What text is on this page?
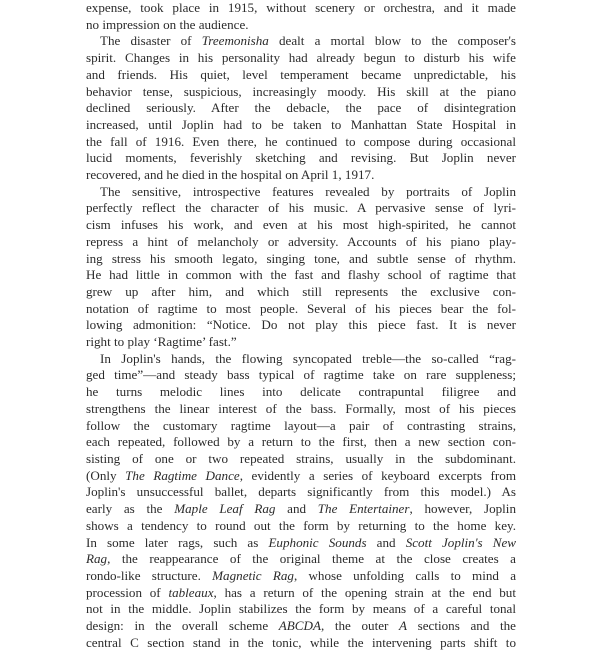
expense, took place in 1915, without scenery or orchestra, and it made
no impression on the audience.

The disaster of Treemonisha dealt a mortal blow to the composer's
spirit. Changes in his personality had already begun to disturb his wife
and friends. His quiet, level temperament became unpredictable, his
behavior tense, suspicious, increasingly moody. His skill at the piano
declined seriously. After the debacle, the pace of disintegration
increased, until Joplin had to be taken to Manhattan State Hospital in
the fall of 1916. Even there, he continued to compose during occasional
lucid moments, feverishly sketching and revising. But Joplin never
recovered, and he died in the hospital on April 1, 1917.

The sensitive, introspective features revealed by portraits of Joplin
perfectly reflect the character of his music. A pervasive sense of lyri-
cism infuses his work, and even at his most high-spirited, he cannot
repress a hint of melancholy or adversity. Accounts of his piano play-
ing stress his smooth legato, singing tone, and subtle sense of rhythm.
He had little in common with the fast and flashy school of ragtime that
grew up after him, and which still represents the exclusive con-
notation of ragtime to most people. Several of his pieces bear the fol-
lowing admonition: “Notice. Do not play this piece fast. It is never
right to play ‘Ragtime’ fast.”

In Joplin's hands, the flowing syncopated treble—the so-called “rag-
ged time”—and steady bass typical of ragtime take on rare suppleness;
he turns melodic lines into delicate contrapuntal filigree and
strengthens the linear interest of the bass. Formally, most of his pieces
follow the customary ragtime layout—a pair of contrasting strains,
each repeated, followed by a return to the first, then a new section con-
sisting of one or two repeated strains, usually in the subdominant.
(Only The Ragtime Dance, evidently a series of keyboard excerpts from
Joplin's unsuccessful ballet, departs significantly from this model.) As
early as the Maple Leaf Rag and The Entertainer, however, Joplin
shows a tendency to round out the form by returning to the home key.
In some later rags, such as Euphonic Sounds and Scott Joplin's New
Rag, the reappearance of the original theme at the close creates a
rondo-like structure. Magnetic Rag, whose unfolding calls to mind a
procession of tableaux, has a return of the opening strain at the end but
not in the middle. Joplin stabilizes the form by means of a careful tonal
design: in the overall scheme ABCDA, the outer A sections and the
central C section stand in the tonic, while the intervening parts shift to
